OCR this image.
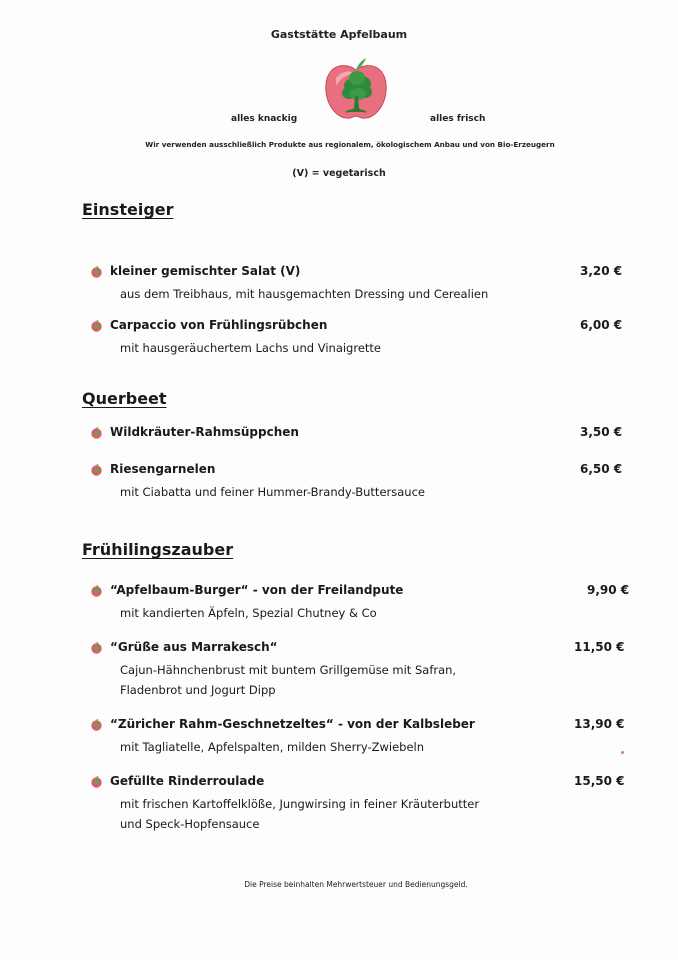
Gaststätte Apfelbaum
alles knackig	alles frisch
Wir verwenden ausschließlich Produkte aus regionalem, ökologischem Anbau und von Bio-Erzeugern
(V) = vegetarisch
Einsteiger
kleiner gemischter Salat (V)
aus dem Treibhaus, mit hausgemachten Dressing und Cerealien
3,20 €
Carpaccio von Frühlingsrübchen
mit hausgeräuchertem Lachs und Vinaigrette
6,00 €
Querbeet
Wildkräuter-Rahmsüppchen	3,50 €
Riesengarnelen
mit Ciabatta und feiner Hummer-Brandy-Buttersauce
6,50 €
Frühilingszauber
“Apfelbaum-Burger“ - von der Freilandpute
mit kandierten Äpfeln, Spezial Chutney & Co
9,90 €
“Grüße aus Marrakesch“
Cajun-Hähnchenbrust mit buntem Grillgemüse mit Safran,
Fladenbrot und Jogurt Dipp
11,50 €
“Züricher Rahm-Geschnetzeltes“ - von der Kalbsleber
mit Tagliatelle, Apfelspalten, milden Sherry-Zwiebeln
13,90 €
Gefüllte Rinderroulade
mit frischen Kartoffelklöße, Jungwirsing in feiner Kräuterbutter
und Speck-Hopfensauce
15,50 €
Die Preise beinhalten Mehrwertsteuer und Bedienungsgeld.
